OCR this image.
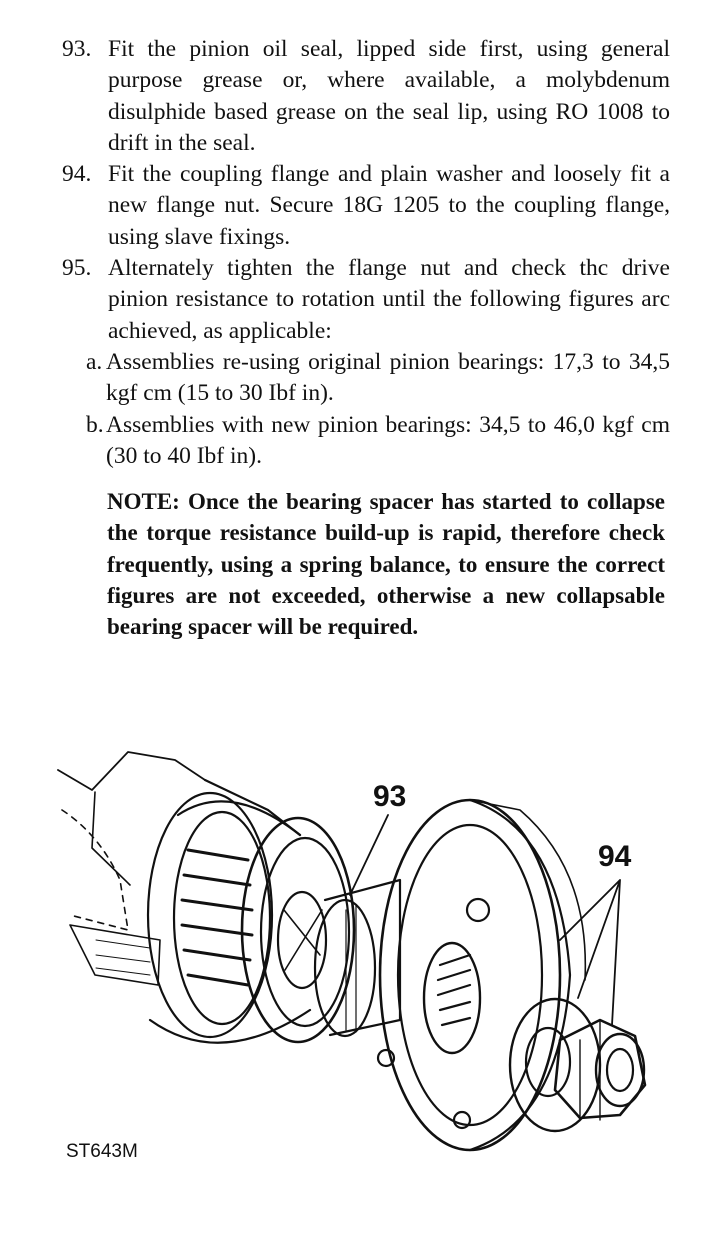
93. Fit the pinion oil seal, lipped side first, using general purpose grease or, where available, a molybdenum disulphide based grease on the seal lip, using RO 1008 to drift in the seal.
94. Fit the coupling flange and plain washer and loosely fit a new flange nut. Secure 18G 1205 to the coupling flange, using slave fixings.
95. Alternately tighten the flange nut and check thc drive pinion resistance to rotation until the following figures arc achieved, as applicable:
a. Assemblies re-using original pinion bearings: 17,3 to 34,5 kgf cm (15 to 30 Ibf in).
b. Assemblies with new pinion bearings: 34,5 to 46,0 kgf cm (30 to 40 Ibf in).
NOTE: Once the bearing spacer has started to collapse the torque resistance build-up is rapid, therefore check frequently, using a spring balance, to ensure the correct figures are not exceeded, otherwise a new collapsable bearing spacer will be required.
93
94
ST643M
